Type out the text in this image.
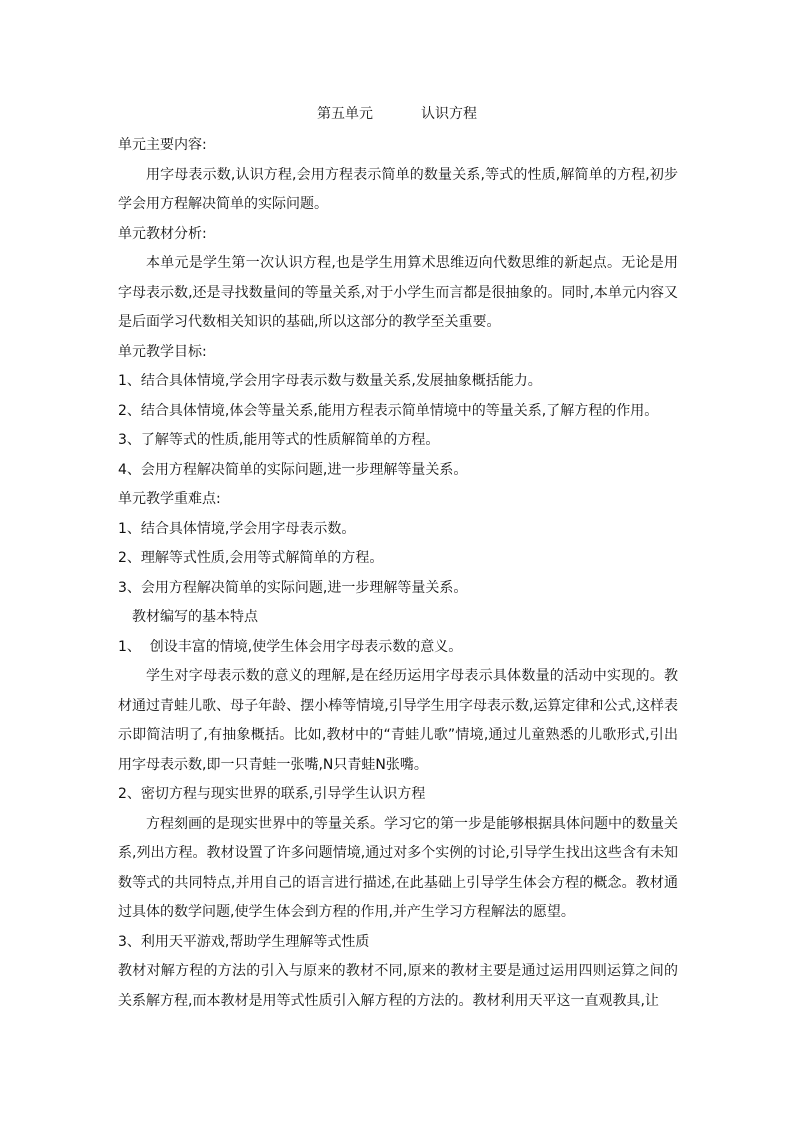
第五单元	认识方程

单元主要内容:

用字母表示数,认识方程,会用方程表示简单的数量关系,等式的性质,解简单的方程,初步学会用方程解决简单的实际问题。

单元教材分析:

本单元是学生第一次认识方程,也是学生用算术思维迈向代数思维的新起点。无论是用字母表示数,还是寻找数量间的等量关系,对于小学生而言都是很抽象的。同时,本单元内容又是后面学习代数相关知识的基础,所以这部分的教学至关重要。

单元教学目标:

1、结合具体情境,学会用字母表示数与数量关系,发展抽象概括能力。

2、结合具体情境,体会等量关系,能用方程表示简单情境中的等量关系,了解方程的作用。

3、了解等式的性质,能用等式的性质解简单的方程。

4、会用方程解决简单的实际问题,进一步理解等量关系。

单元教学重难点:

1、结合具体情境,学会用字母表示数。

2、理解等式性质,会用等式解简单的方程。

3、会用方程解决简单的实际问题,进一步理解等量关系。

教材编写的基本特点

1、  创设丰富的情境,使学生体会用字母表示数的意义。

学生对字母表示数的意义的理解,是在经历运用字母表示具体数量的活动中实现的。教材通过青蛙儿歌、母子年龄、摆小棒等情境,引导学生用字母表示数,运算定律和公式,这样表示即简洁明了,有抽象概括。比如,教材中的“青蛙儿歌”情境,通过儿童熟悉的儿歌形式,引出用字母表示数,即一只青蛙一张嘴,N只青蛙N张嘴。

2、密切方程与现实世界的联系,引导学生认识方程

方程刻画的是现实世界中的等量关系。学习它的第一步是能够根据具体问题中的数量关系,列出方程。教材设置了许多问题情境,通过对多个实例的讨论,引导学生找出这些含有未知数等式的共同特点,并用自己的语言进行描述,在此基础上引导学生体会方程的概念。教材通过具体的数学问题,使学生体会到方程的作用,并产生学习方程解法的愿望。

3、利用天平游戏,帮助学生理解等式性质

教材对解方程的方法的引入与原来的教材不同,原来的教材主要是通过运用四则运算之间的关系解方程,而本教材是用等式性质引入解方程的方法的。教材利用天平这一直观教具,让
